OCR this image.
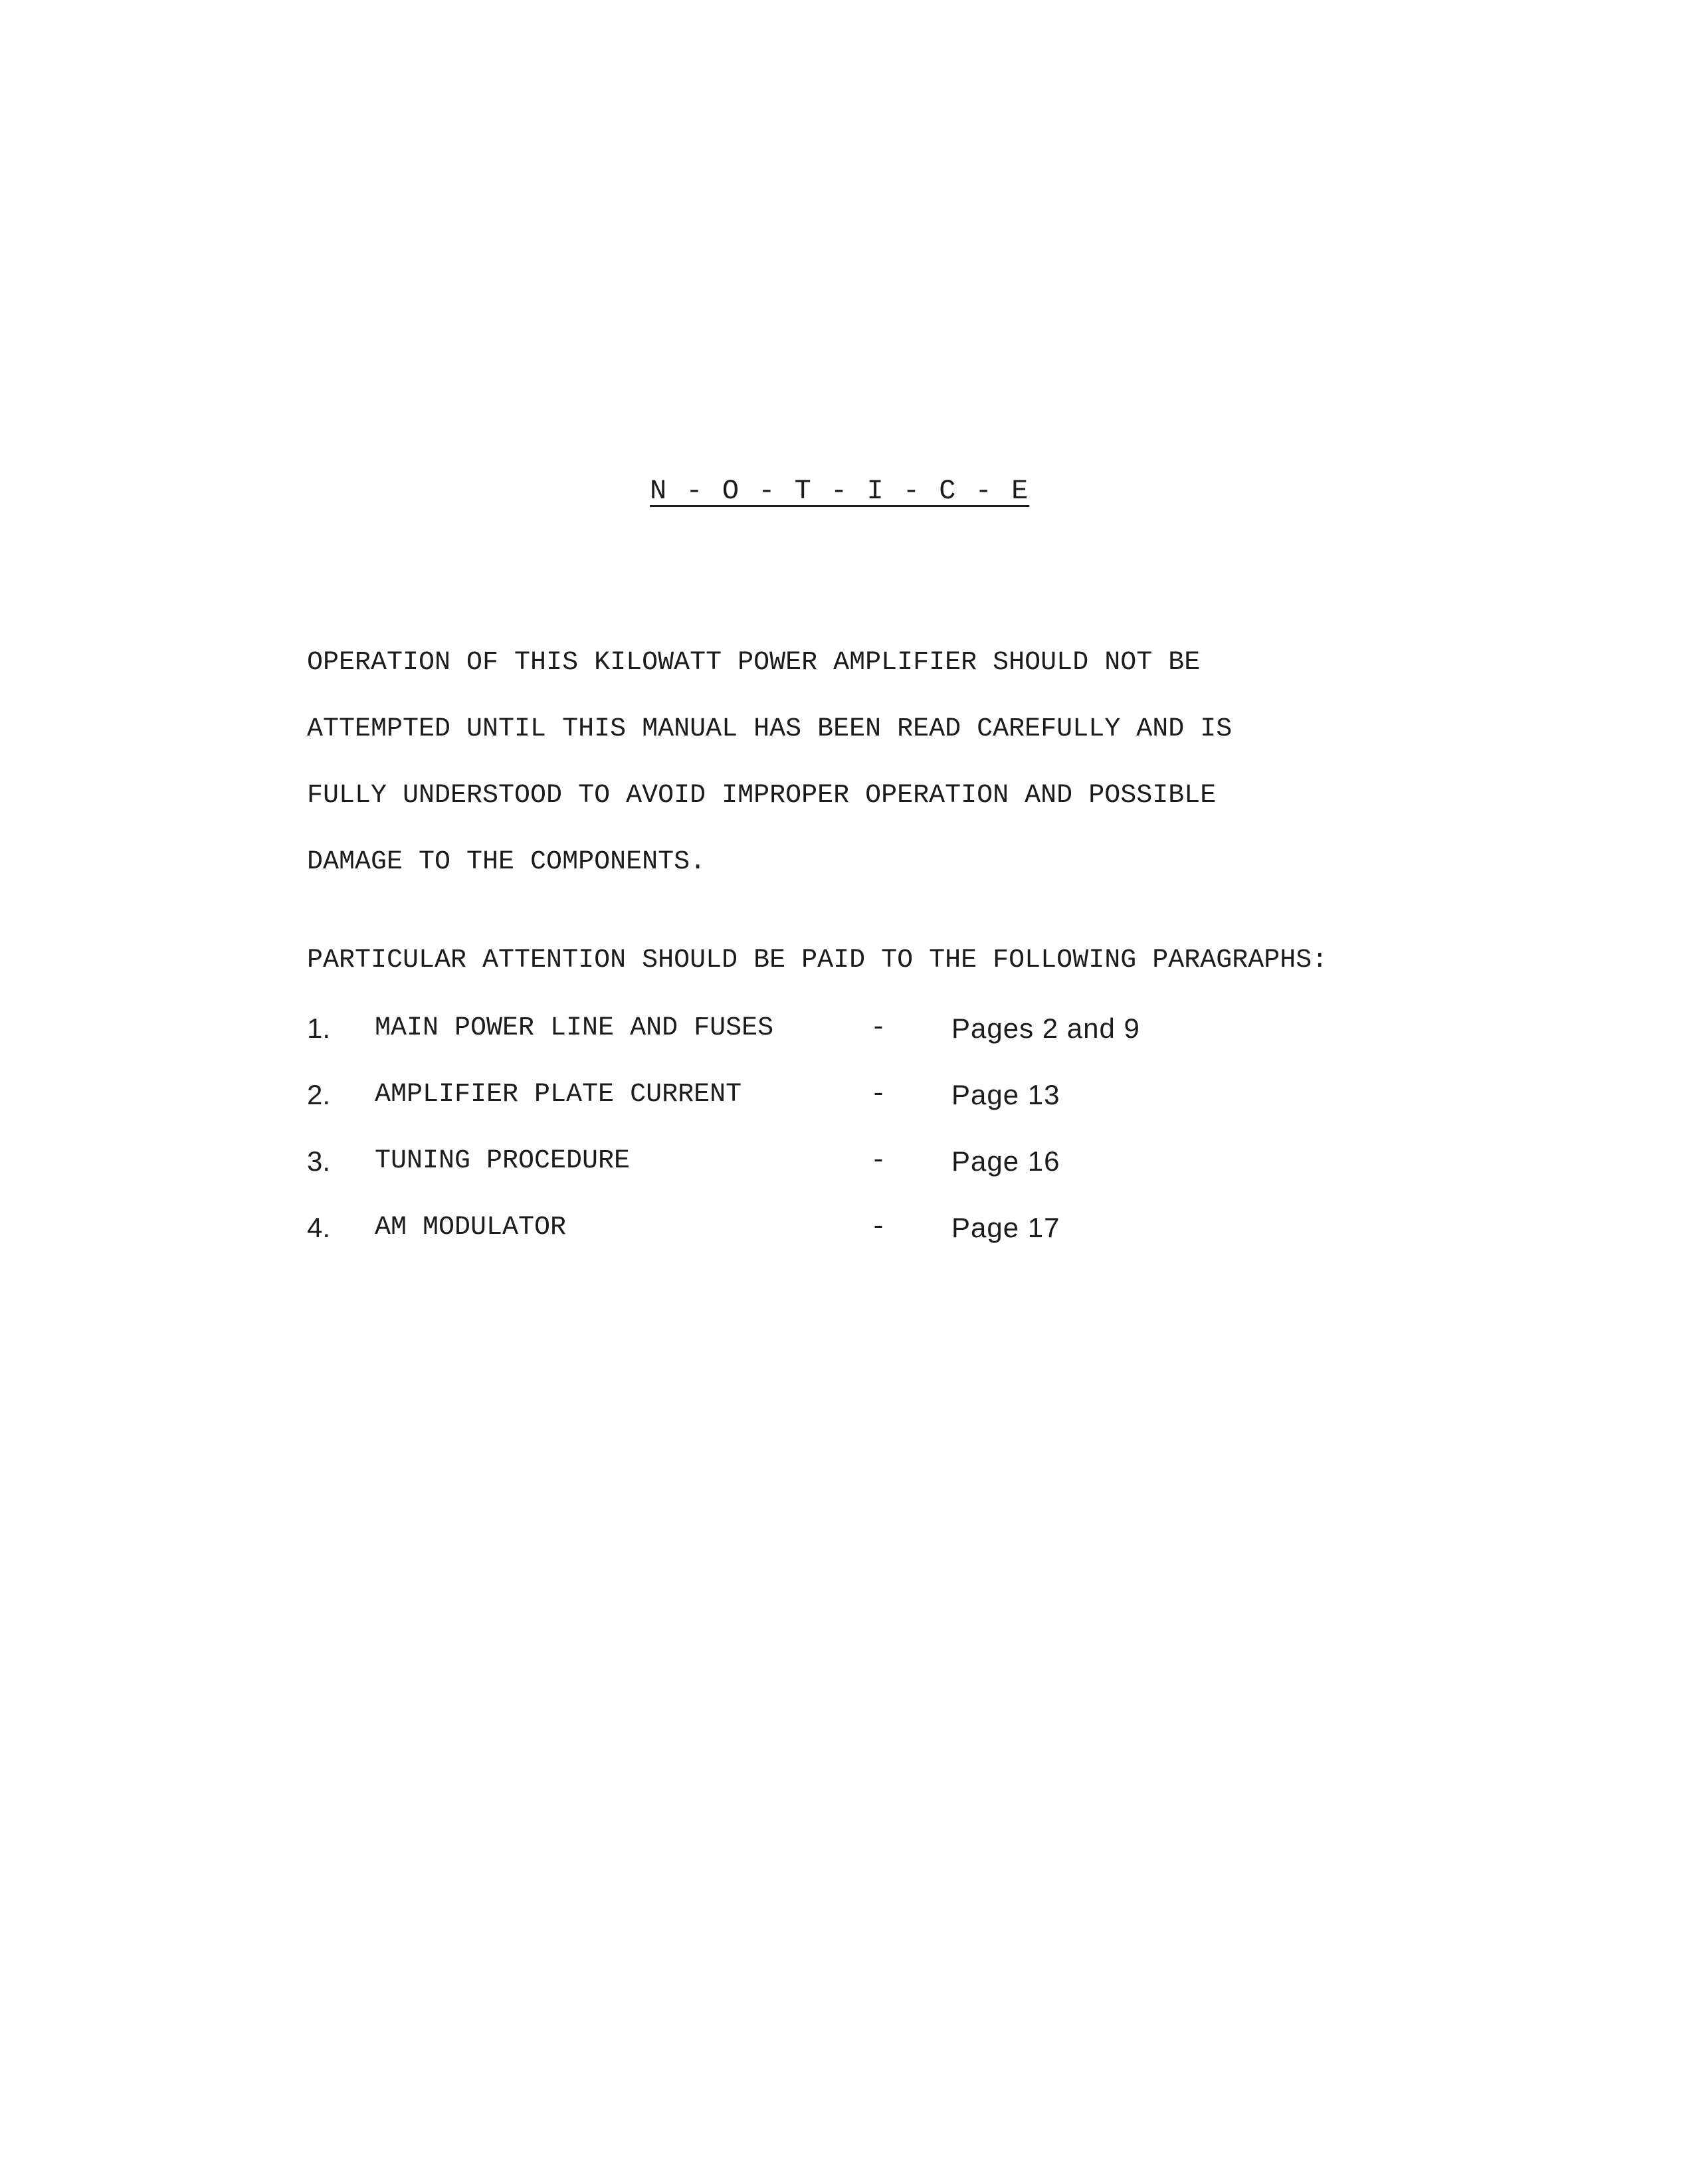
N - O - T - I - C - E
OPERATION OF THIS KILOWATT POWER AMPLIFIER SHOULD NOT BE
ATTEMPTED UNTIL THIS MANUAL HAS BEEN READ CAREFULLY AND IS
FULLY UNDERSTOOD TO AVOID IMPROPER OPERATION AND POSSIBLE
DAMAGE TO THE COMPONENTS.
PARTICULAR ATTENTION SHOULD BE PAID TO THE FOLLOWING PARAGRAPHS:
1. MAIN POWER LINE AND FUSES	- Pages 2 and 9
2. AMPLIFIER PLATE CURRENT	- Page 13
3. TUNING PROCEDURE	- Page 16
4. AM MODULATOR	- Page 17
